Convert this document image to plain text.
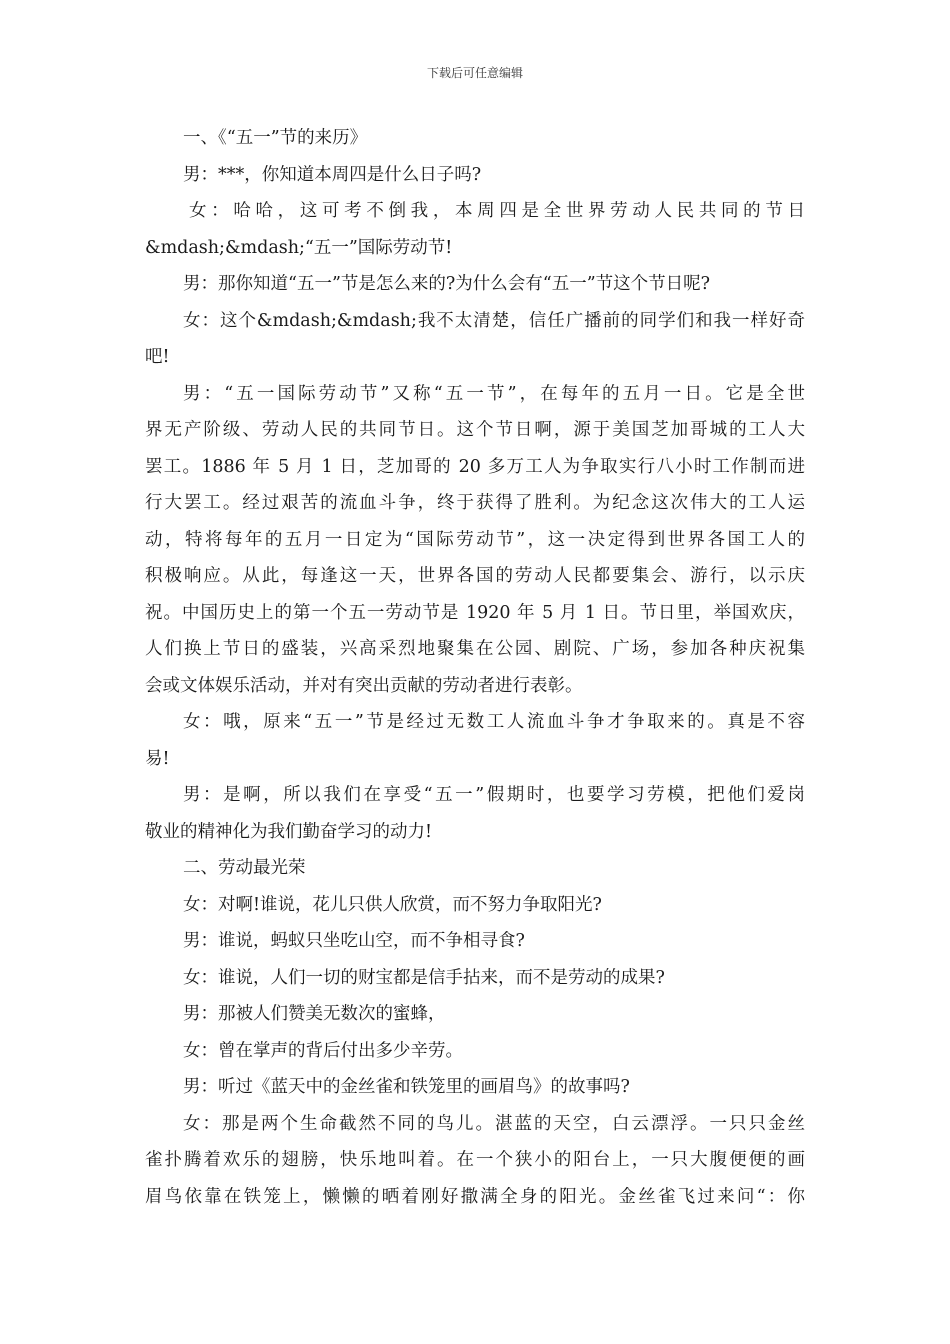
下载后可任意编辑
一、《“五一”节的来历》
男：***，你知道本周四是什么日子吗?
女：哈哈，这可考不倒我，本周四是全世界劳动人民共同的节日
&mdash;&mdash;“五一”国际劳动节!
男：那你知道“五一”节是怎么来的?为什么会有“五一”节这个节日呢?
女：这个&mdash;&mdash;我不太清楚，信任广播前的同学们和我一样好奇
吧!
男：“五一国际劳动节”又称“五一节”，在每年的五月一日。它是全世
界无产阶级、劳动人民的共同节日。这个节日啊，源于美国芝加哥城的工人大
罢工。1886 年 5 月 1 日，芝加哥的 20 多万工人为争取实行八小时工作制而进
行大罢工。经过艰苦的流血斗争，终于获得了胜利。为纪念这次伟大的工人运
动，特将每年的五月一日定为“国际劳动节”，这一决定得到世界各国工人的
积极响应。从此，每逢这一天，世界各国的劳动人民都要集会、游行，以示庆
祝。中国历史上的第一个五一劳动节是 1920 年 5 月 1 日。节日里，举国欢庆，
人们换上节日的盛装，兴高采烈地聚集在公园、剧院、广场，参加各种庆祝集
会或文体娱乐活动，并对有突出贡献的劳动者进行表彰。
女：哦，原来“五一”节是经过无数工人流血斗争才争取来的。真是不容
易!
男：是啊，所以我们在享受“五一”假期时，也要学习劳模，把他们爱岗
敬业的精神化为我们勤奋学习的动力!
二、劳动最光荣
女：对啊!谁说，花儿只供人欣赏，而不努力争取阳光?
男：谁说，蚂蚁只坐吃山空，而不争相寻食?
女：谁说，人们一切的财宝都是信手拈来，而不是劳动的成果?
男：那被人们赞美无数次的蜜蜂，
女：曾在掌声的背后付出多少辛劳。
男：听过《蓝天中的金丝雀和铁笼里的画眉鸟》的故事吗?
女：那是两个生命截然不同的鸟儿。湛蓝的天空，白云漂浮。一只只金丝
雀扑腾着欢乐的翅膀，快乐地叫着。在一个狭小的阳台上，一只大腹便便的画
眉鸟依靠在铁笼上，懒懒的晒着刚好撒满全身的阳光。金丝雀飞过来问“：你
